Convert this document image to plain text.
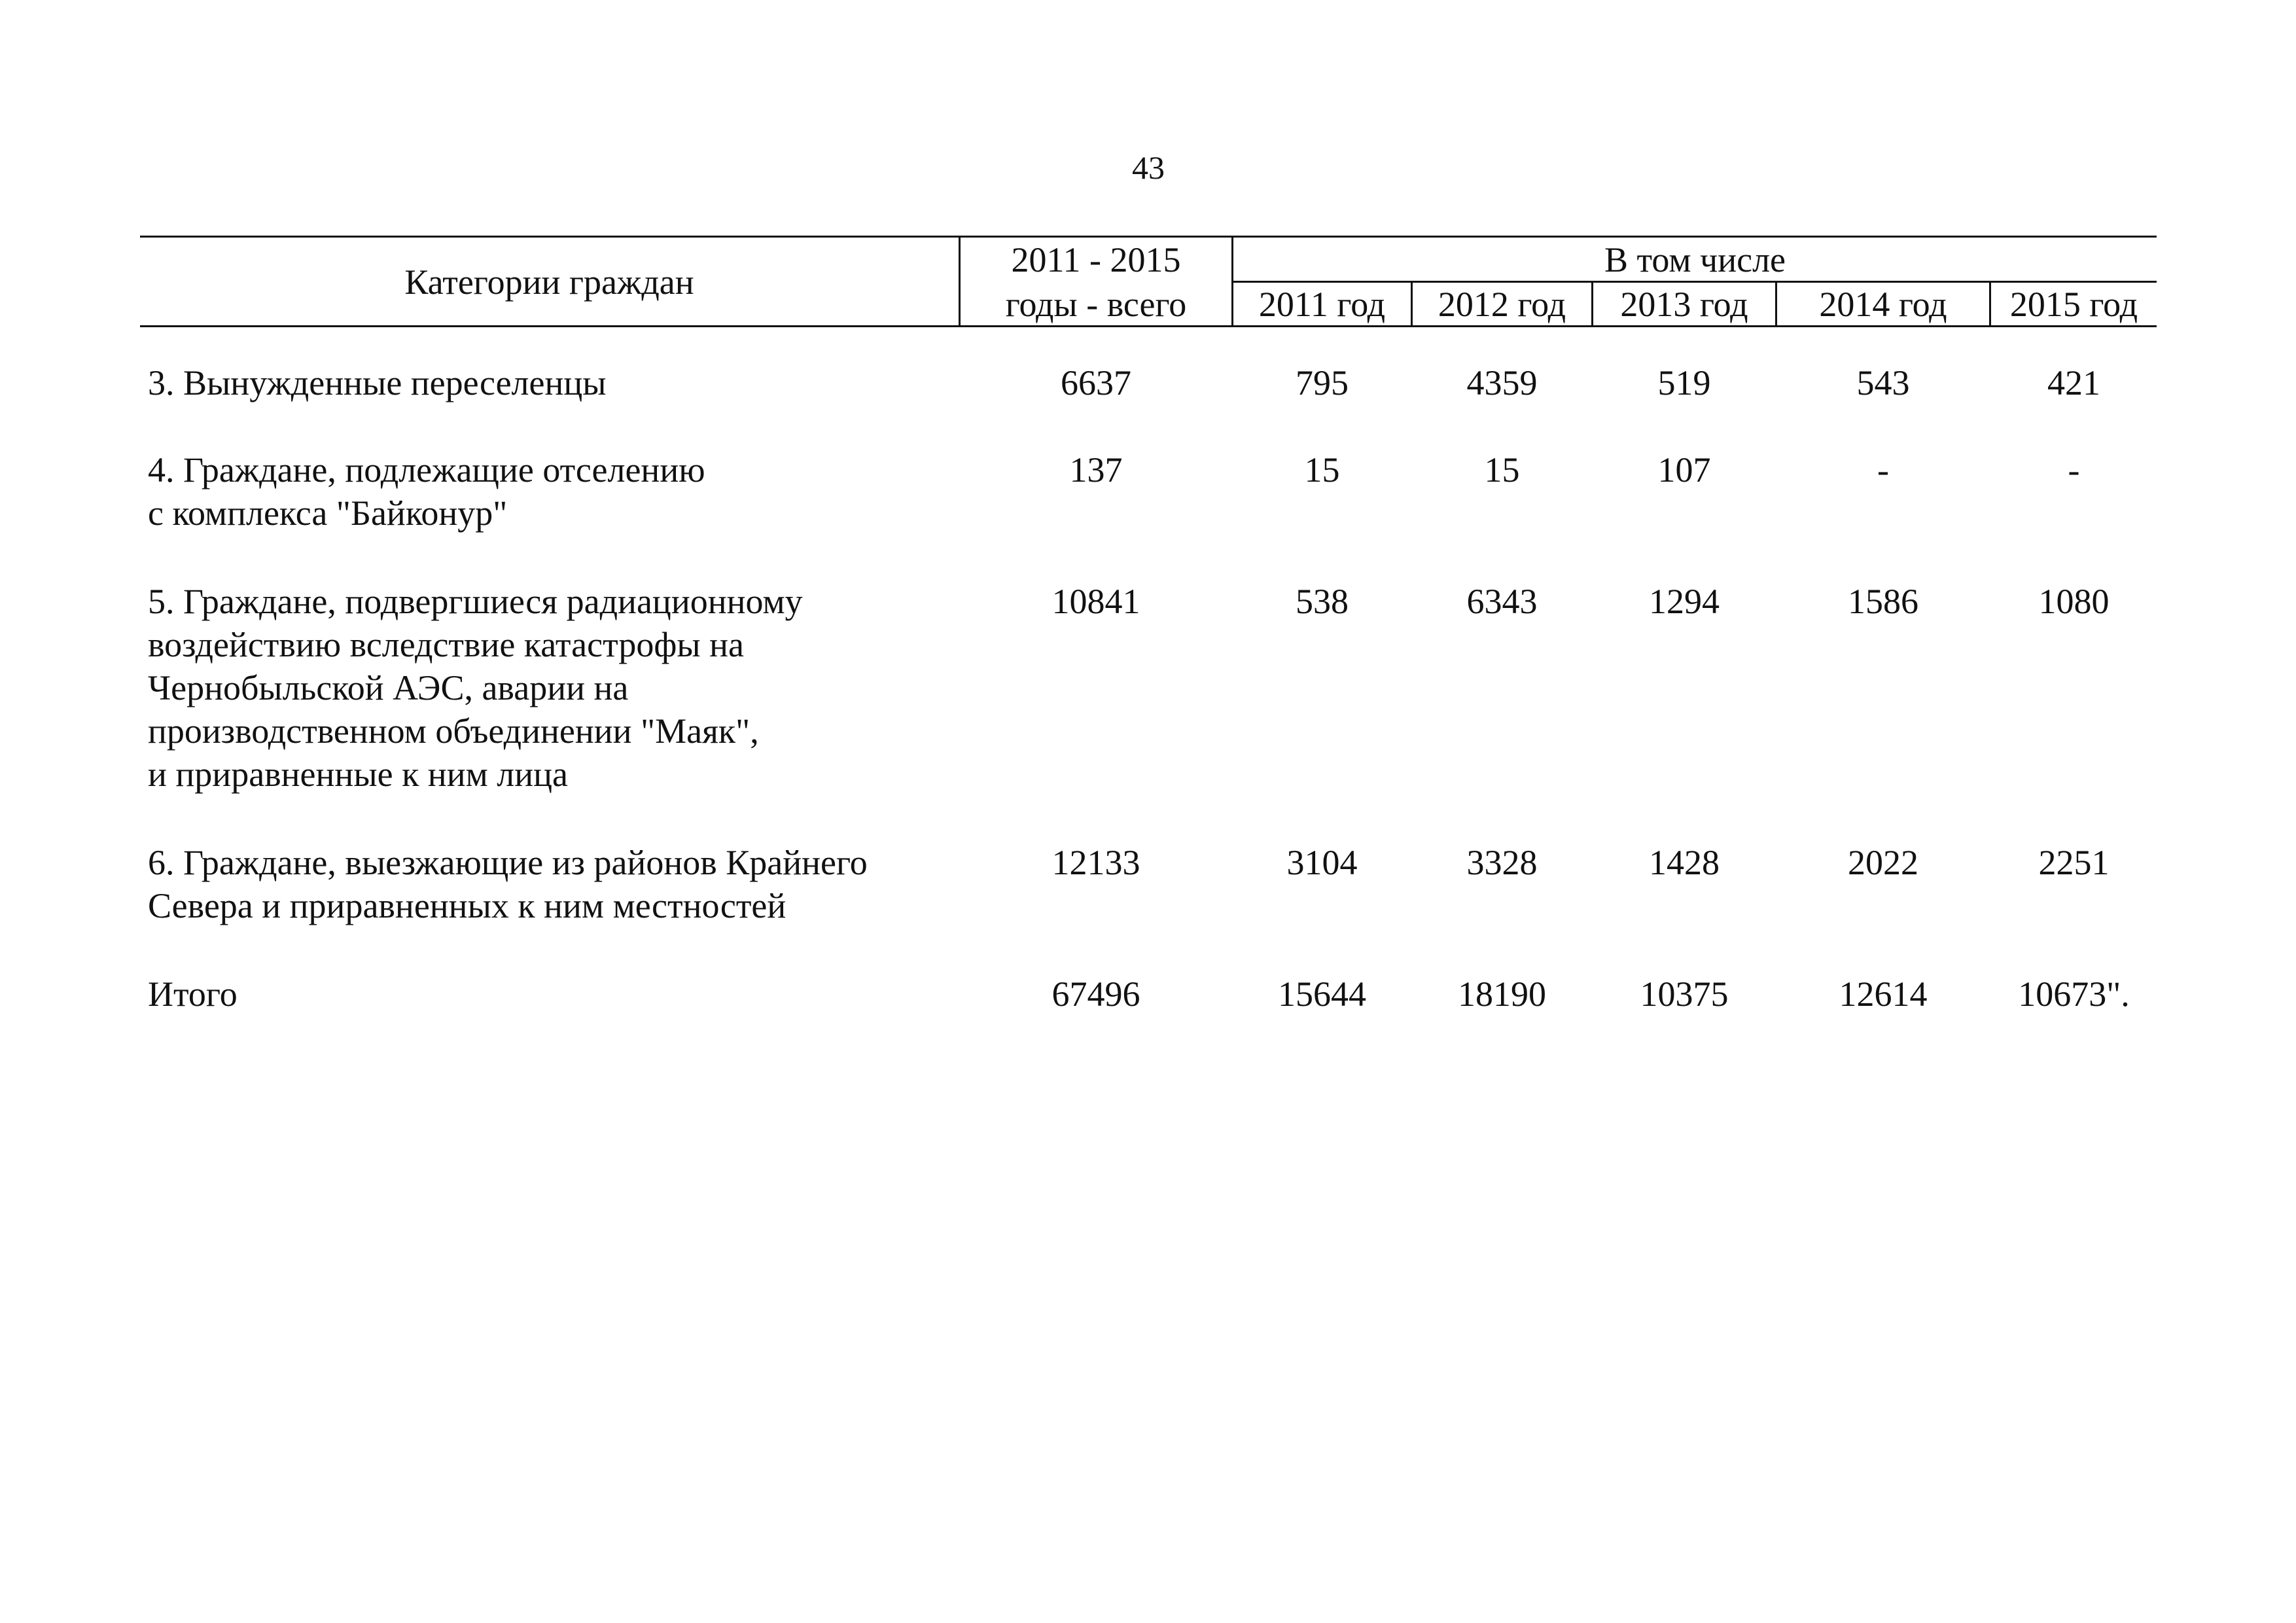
43
Категории граждан
2011 - 2015
годы - всего
В том числе
2011 год	2012 год	2013 год	2014 год	2015 год
3. Вынужденные переселенцы	6637	795	4359	519	543	421
4. Граждане, подлежащие отселению
с комплекса "Байконур"
137	15	15	107	-	-
5. Граждане, подвергшиеся радиационному
воздействию вследствие катастрофы на
Чернобыльской АЭС, аварии на
производственном объединении "Маяк",
и приравненные к ним лица
10841	538	6343	1294	1586	1080
6. Граждане, выезжающие из районов Крайнего
Севера и приравненных к ним местностей
12133	3104	3328	1428	2022	2251
Итого	67496	15644	18190	10375	12614	10673".
